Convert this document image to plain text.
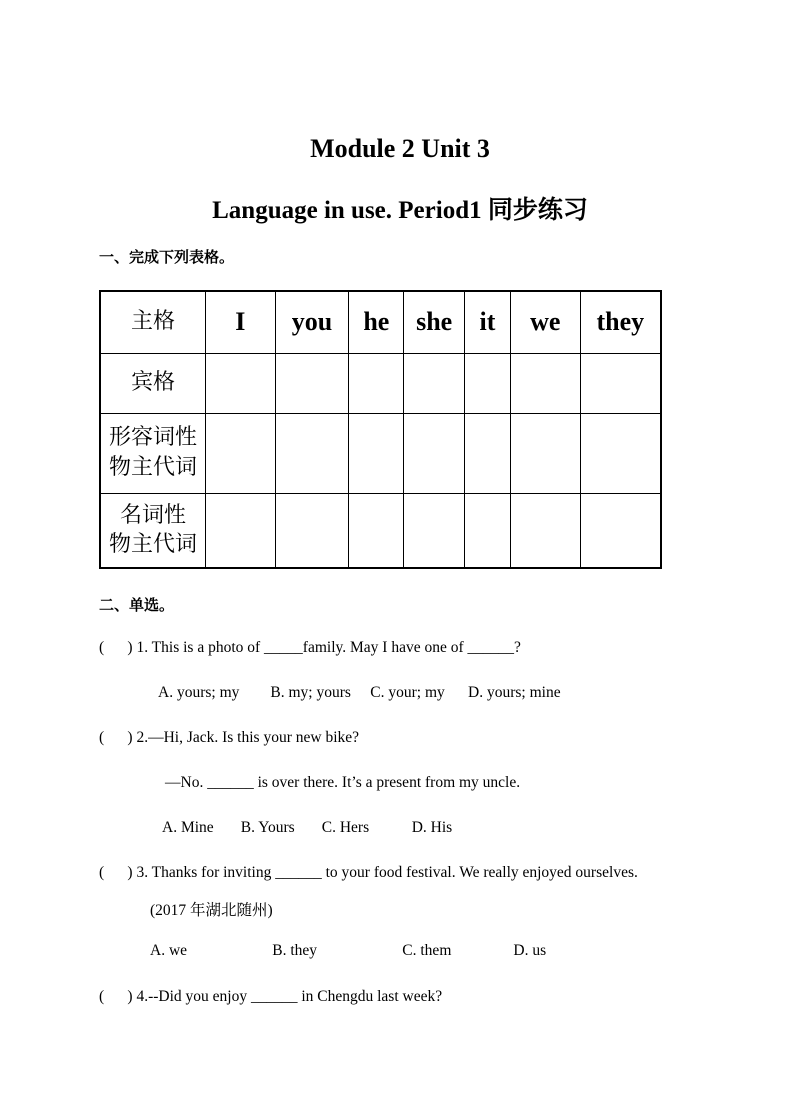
Module 2 Unit 3
Language in use. Period1 同步练习
一、完成下列表格。
主格	I	you	he	she	it	we	they

宾格							

形容词性
物主代词							

名词性
物主代词							

二、单选。
(      ) 1. This is a photo of _____family. May I have one of ______?
A. yours; my        B. my; yours     C. your; my      D. yours; mine
(      ) 2.—Hi, Jack. Is this your new bike?
—No. ______ is over there. It’s a present from my uncle.
A. Mine       B. Yours       C. Hers           D. His
(      ) 3. Thanks for inviting ______ to your food festival. We really enjoyed ourselves.
(2017 年湖北随州)
A. we                      B. they                      C. them                D. us
(      ) 4.--Did you enjoy ______ in Chengdu last week?
